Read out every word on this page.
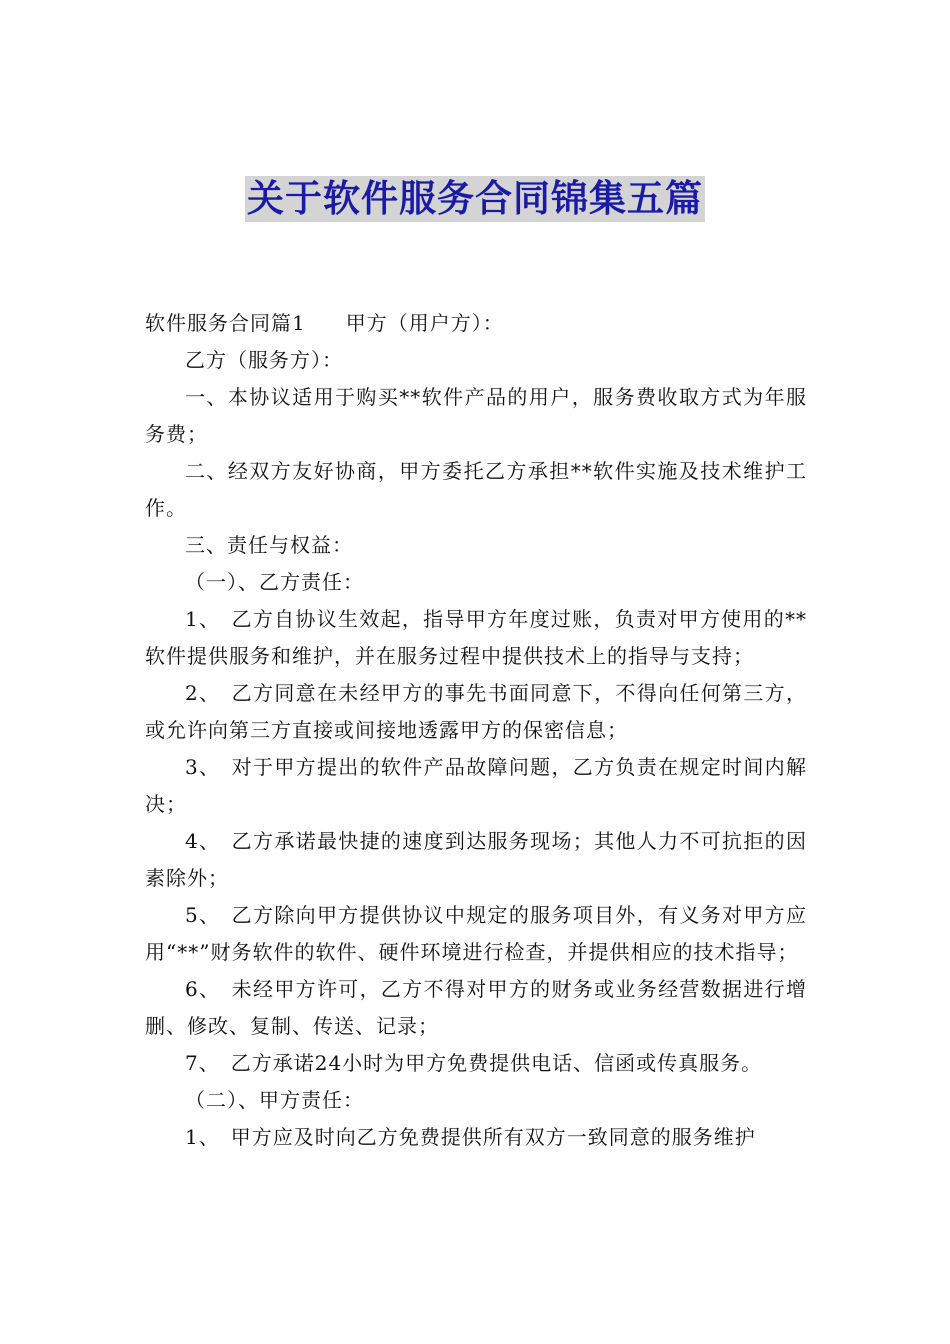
关于软件服务合同锦集五篇

软件服务合同篇1 甲方（用户方）：

乙方（服务方）：

一、本协议适用于购买**软件产品的用户，服务费收取方式为年服务费；

二、经双方友好协商，甲方委托乙方承担**软件实施及技术维护工作。

三、责任与权益：

（一）、乙方责任：

1、　乙方自协议生效起，指导甲方年度过账，负责对甲方使用的**软件提供服务和维护，并在服务过程中提供技术上的指导与支持；

2、　乙方同意在未经甲方的事先书面同意下，不得向任何第三方，或允许向第三方直接或间接地透露甲方的保密信息；

3、　对于甲方提出的软件产品故障问题，乙方负责在规定时间内解决；

4、　乙方承诺最快捷的速度到达服务现场；其他人力不可抗拒的因素除外；

5、　乙方除向甲方提供协议中规定的服务项目外，有义务对甲方应用“**”财务软件的软件、硬件环境进行检查，并提供相应的技术指导；

6、　未经甲方许可，乙方不得对甲方的财务或业务经营数据进行增删、修改、复制、传送、记录；

7、　乙方承诺24小时为甲方免费提供电话、信函或传真服务。

（二）、甲方责任：

1、　甲方应及时向乙方免费提供所有双方一致同意的服务维护
